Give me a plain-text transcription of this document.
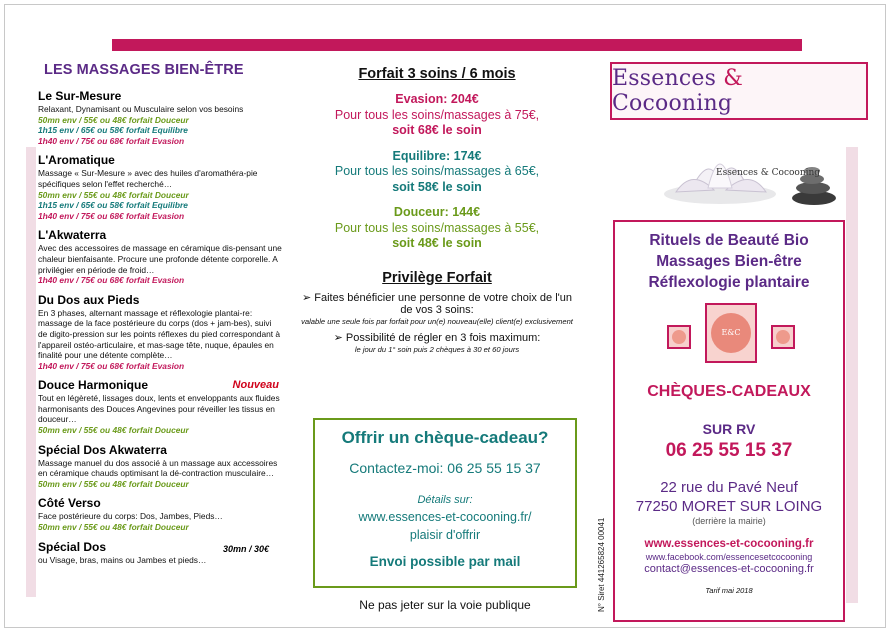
LES MASSAGES BIEN-ÊTRE
Le Sur-Mesure
Relaxant, Dynamisant ou Musculaire selon vos besoins
50mn env / 55€ ou 48€ forfait Douceur
1h15 env / 65€ ou 58€ forfait Equilibre
1h40 env / 75€ ou 68€ forfait Evasion
L'Aromatique
Massage « Sur-Mesure » avec des huiles d'aromathéra-pie spécifiques selon l'effet recherché…
50mn env / 55€ ou 48€ forfait Douceur
1h15 env / 65€ ou 58€ forfait Equilibre
1h40 env / 75€ ou 68€ forfait Evasion
L'Akwaterra
Avec des accessoires de massage en céramique dis-pensant une chaleur bienfaisante. Procure une profonde détente corporelle. A privilégier en période de froid…
1h40 env / 75€ ou 68€ forfait Evasion
Du Dos aux Pieds
En 3 phases, alternant massage et réflexologie plantai-re: massage de la face postérieure du corps (dos + jam-bes), suivi de digito-pression sur les points réflexes du pied correspondant à l'appareil ostéo-articulaire, et mas-sage tête, nuque, épaules en finalité pour une détente complète…
1h40 env / 75€ ou 68€ forfait Evasion
Douce Harmonique	Nouveau
Tout en légèreté, lissages doux, lents et enveloppants aux fluides harmonisants des Douces Angevines pour réveiller les tissus en douceur…
50mn env / 55€ ou 48€ forfait Douceur
Spécial Dos Akwaterra
Massage manuel du dos associé à un massage aux accessoires en céramique chauds optimisant la dé-contraction musculaire…
50mn env / 55€ ou 48€ forfait Douceur
Côté Verso
Face postérieure du corps: Dos, Jambes, Pieds…
50mn env / 55€ ou 48€ forfait Douceur
Spécial Dos	30mn / 30€
ou Visage, bras, mains ou Jambes et pieds…
Forfait 3 soins / 6 mois
Evasion: 204€
Pour tous les soins/massages à 75€,
soit 68€ le soin
Equilibre: 174€
Pour tous les soins/massages à 65€,
soit 58€ le soin
Douceur: 144€
Pour tous les soins/massages à 55€,
soit 48€ le soin
Privilège Forfait
➢ Faites bénéficier une personne de votre choix de l'un de vos 3 soins:
valable une seule fois par forfait pour un(e) nouveau(elle) client(e) exclusivement
➢ Possibilité de régler en 3 fois maximum:
le jour du 1° soin puis 2 chèques à 30 et 60 jours
Offrir un chèque-cadeau?
Contactez-moi: 06 25 55 15 37
Détails sur:
www.essences-et-cocooning.fr/
plaisir d'offrir
Envoi possible par mail
Ne pas jeter sur la voie publique
Essences & Cocooning
Essences & Cocooning
Rituels de Beauté Bio
Massages Bien-être
Réflexologie plantaire
E&C
CHÈQUES-CADEAUX
SUR RV
06 25 55 15 37
22 rue du Pavé Neuf
77250 MORET SUR LOING
(derrière la mairie)
www.essences-et-cocooning.fr
www.facebook.com/essencesetcocooning
contact@essences-et-cocooning.fr
Tarif mai 2018
N° Siret 441265824 00041
